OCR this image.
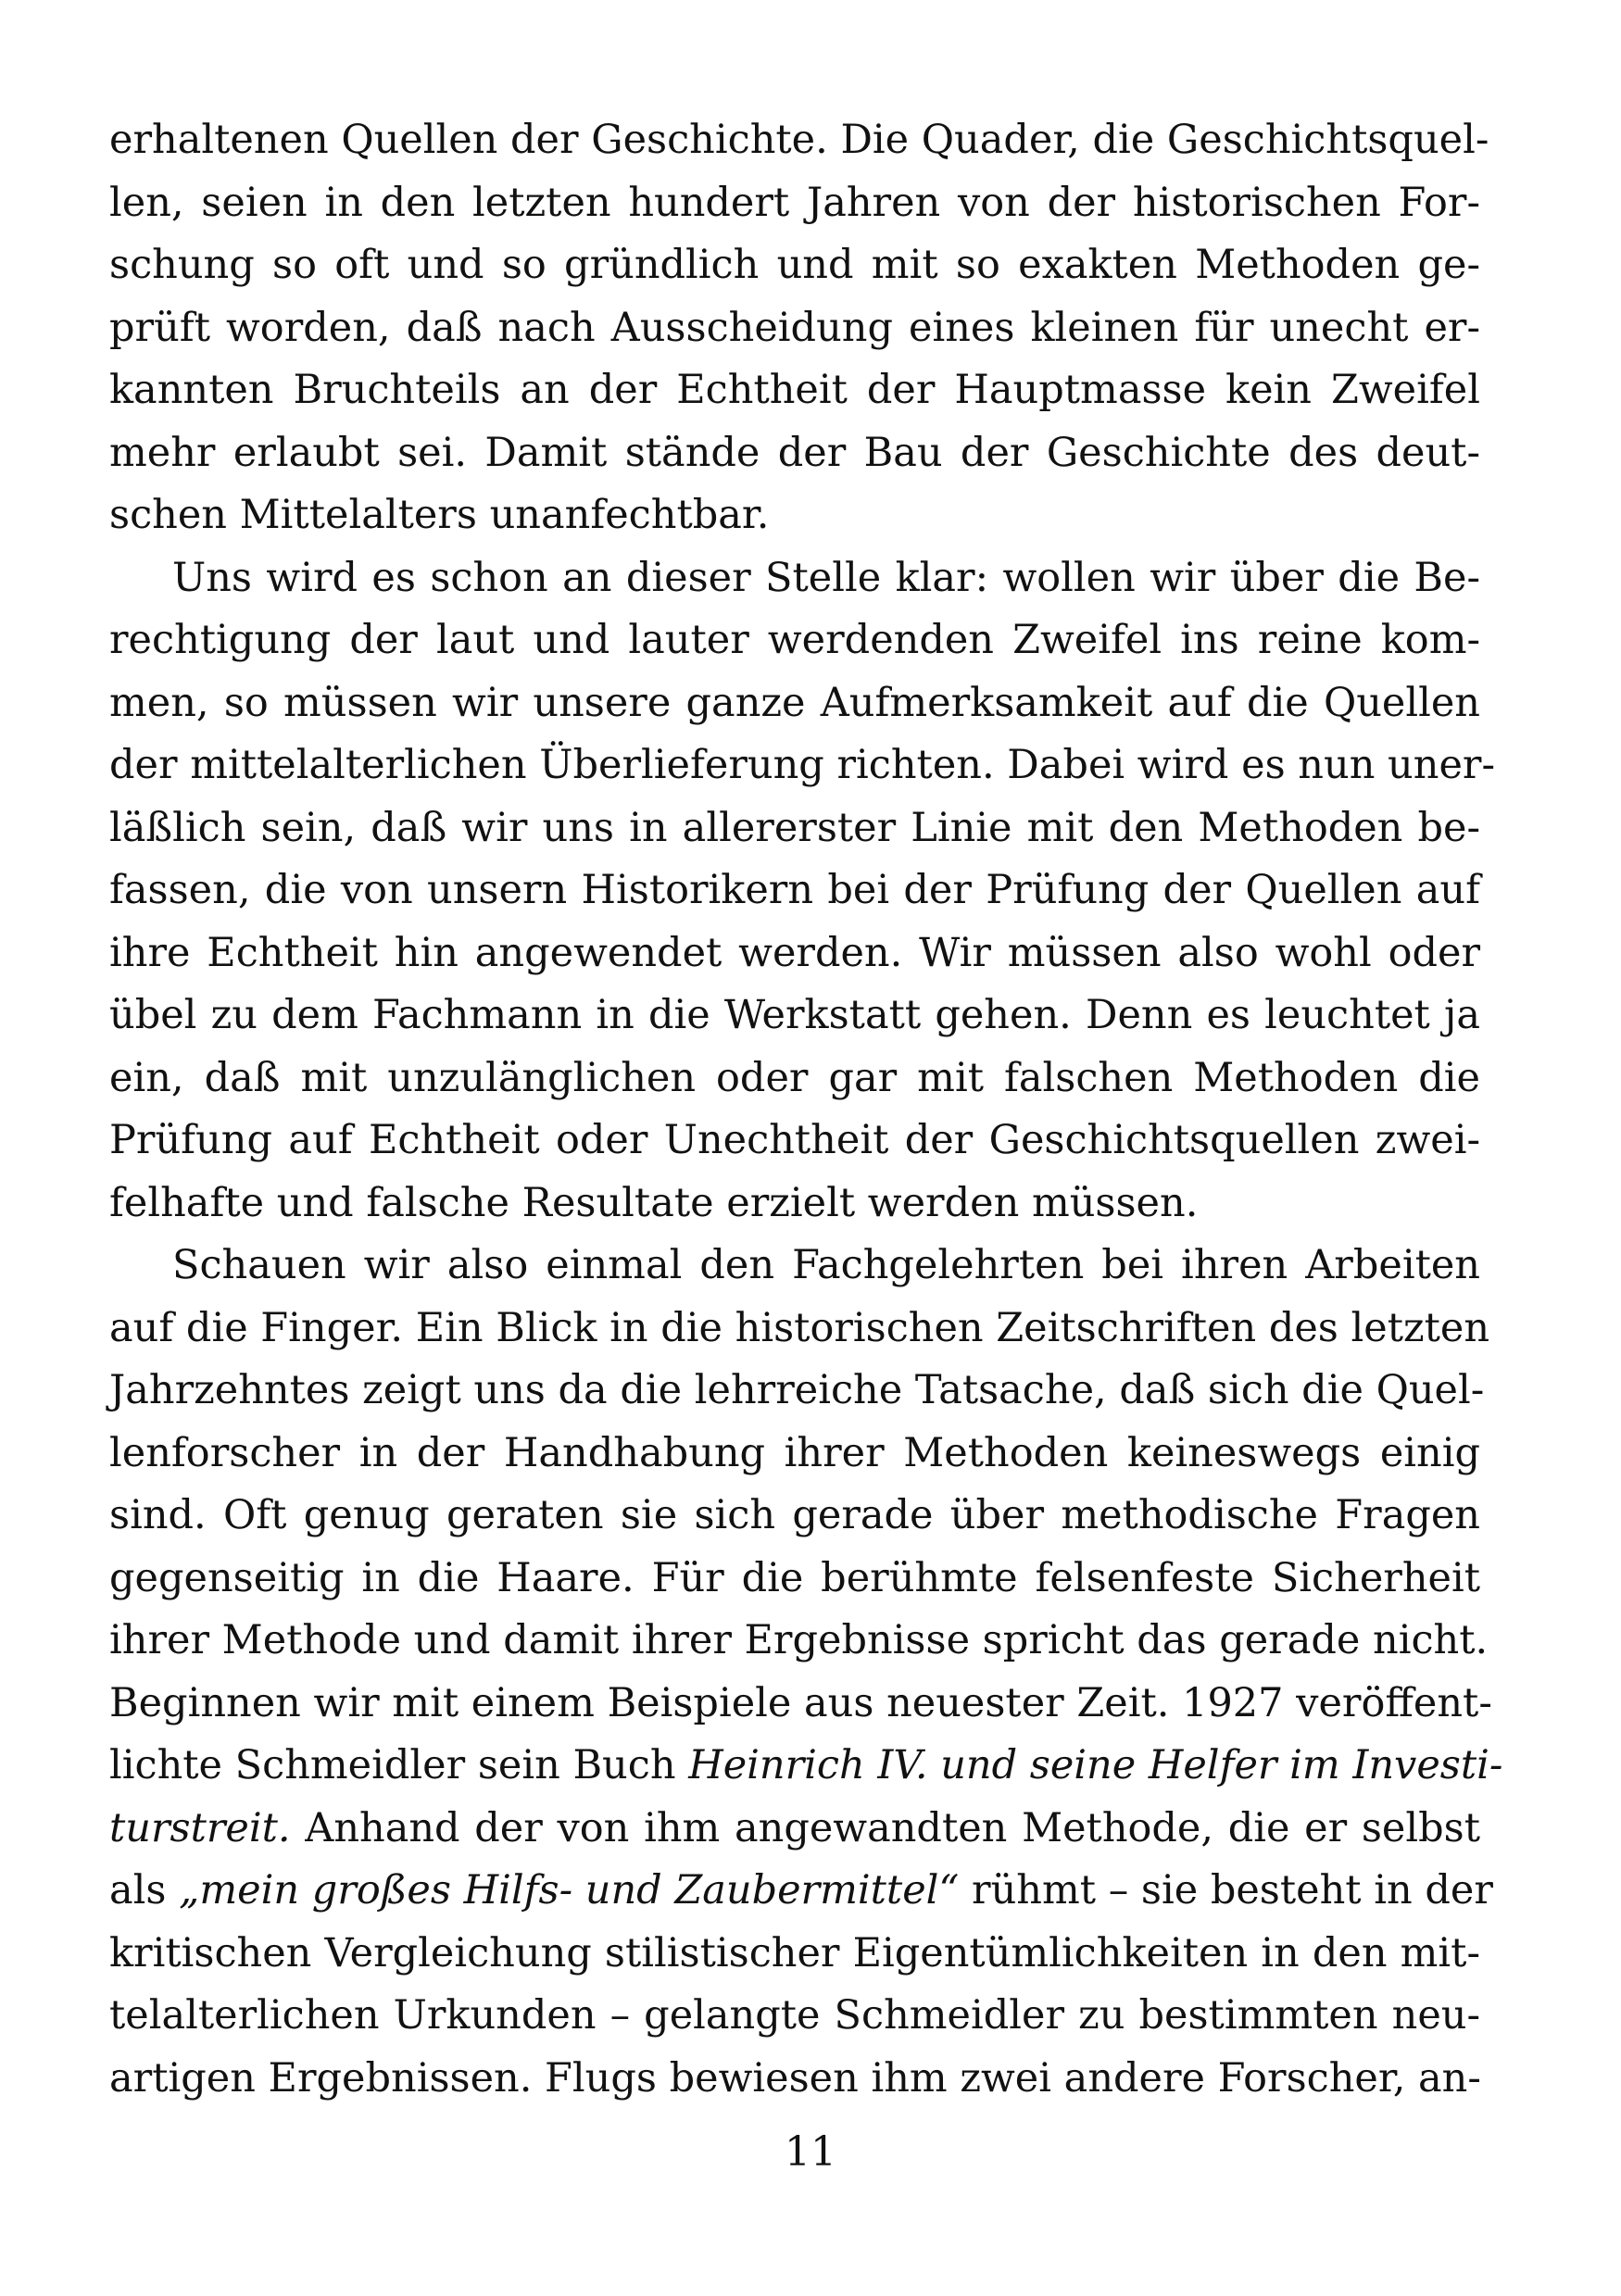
erhaltenen Quellen der Geschichte. Die Quader, die Geschichtsquel-
len, seien in den letzten hundert Jahren von der historischen For-
schung so oft und so gründlich und mit so exakten Methoden ge-
prüft worden, daß nach Ausscheidung eines kleinen für unecht er-
kannten Bruchteils an der Echtheit der Hauptmasse kein Zweifel
mehr erlaubt sei. Damit stände der Bau der Geschichte des deut-
schen Mittelalters unanfechtbar.
Uns wird es schon an dieser Stelle klar: wollen wir über die Be-
rechtigung der laut und lauter werdenden Zweifel ins reine kom-
men, so müssen wir unsere ganze Aufmerksamkeit auf die Quellen
der mittelalterlichen Überlieferung richten. Dabei wird es nun uner-
läßlich sein, daß wir uns in allererster Linie mit den Methoden be-
fassen, die von unsern Historikern bei der Prüfung der Quellen auf
ihre Echtheit hin angewendet werden. Wir müssen also wohl oder
übel zu dem Fachmann in die Werkstatt gehen. Denn es leuchtet ja
ein, daß mit unzulänglichen oder gar mit falschen Methoden die
Prüfung auf Echtheit oder Unechtheit der Geschichtsquellen zwei-
felhafte und falsche Resultate erzielt werden müssen.
Schauen wir also einmal den Fachgelehrten bei ihren Arbeiten
auf die Finger. Ein Blick in die historischen Zeitschriften des letzten
Jahrzehntes zeigt uns da die lehrreiche Tatsache, daß sich die Quel-
lenforscher in der Handhabung ihrer Methoden keineswegs einig
sind. Oft genug geraten sie sich gerade über methodische Fragen
gegenseitig in die Haare. Für die berühmte felsenfeste Sicherheit
ihrer Methode und damit ihrer Ergebnisse spricht das gerade nicht.
Beginnen wir mit einem Beispiele aus neuester Zeit. 1927 veröffent-
lichte Schmeidler sein Buch Heinrich IV. und seine Helfer im Investi-
turstreit. Anhand der von ihm angewandten Methode, die er selbst
als „mein großes Hilfs- und Zaubermittel“ rühmt – sie besteht in der
kritischen Vergleichung stilistischer Eigentümlichkeiten in den mit-
telalterlichen Urkunden – gelangte Schmeidler zu bestimmten neu-
artigen Ergebnissen. Flugs bewiesen ihm zwei andere Forscher, an-
11
